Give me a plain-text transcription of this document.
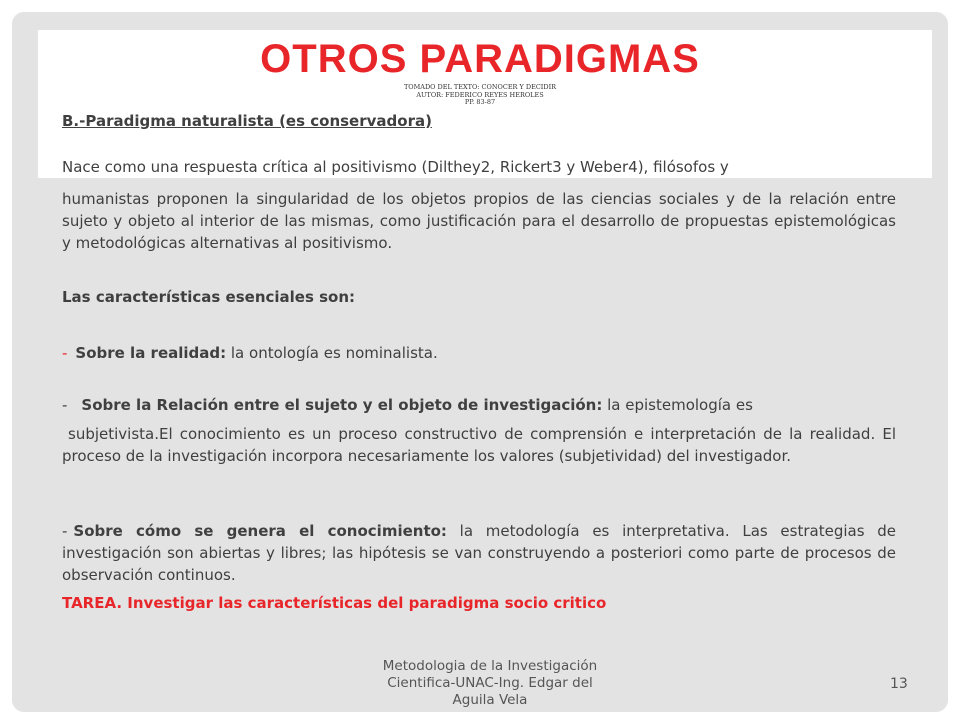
OTROS PARADIGMAS
TOMADO DEL TEXTO: CONOCER Y DECIDIR
AUTOR: FEDERICO REYES HEROLES
PP. 83-87
B.-Paradigma naturalista (es conservadora)
Nace como una respuesta crítica al positivismo (Dilthey2, Rickert3 y Weber4), filósofos y
humanistas proponen la singularidad de los objetos propios de las ciencias sociales y de la relación entre sujeto y objeto al interior de las mismas, como justificación para el desarrollo de propuestas epistemológicas y metodológicas alternativas al positivismo.
Las características esenciales son:
- Sobre la realidad: la ontología es nominalista.
- Sobre la Relación entre el sujeto y el objeto de investigación: la epistemología es
subjetivista.El conocimiento es un proceso constructivo de comprensión e interpretación de la realidad. El proceso de la investigación incorpora necesariamente los valores (subjetividad) del investigador.
- Sobre cómo se genera el conocimiento: la metodología es interpretativa. Las estrategias de investigación son abiertas y libres; las hipótesis se van construyendo a posteriori como parte de procesos de observación continuos.
TAREA. Investigar las características del paradigma socio critico
Metodologia de la Investigación
Cientifica-UNAC-Ing. Edgar del
Aguila Vela
13
